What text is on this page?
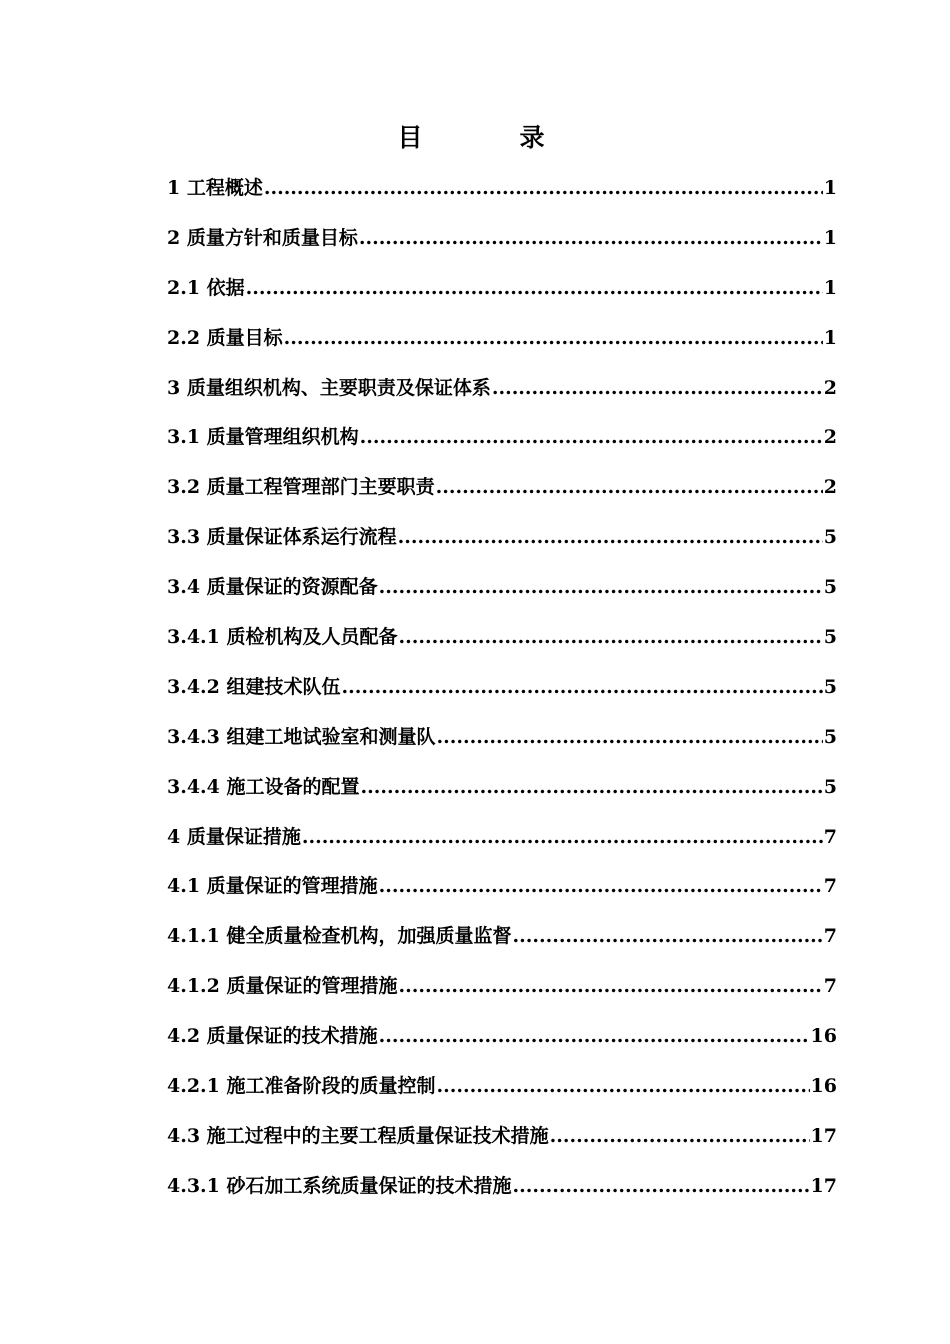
目　录
1 工程概述 .....	1
2 质量方针和质量目标 .....	1
2.1 依据 .....	1
2.2 质量目标 .....	1
3 质量组织机构、主要职责及保证体系 .....	2
3.1 质量管理组织机构 .....	2
3.2 质量工程管理部门主要职责 .....	2
3.3 质量保证体系运行流程 .....	5
3.4 质量保证的资源配备 .....	5
3.4.1 质检机构及人员配备 .....	5
3.4.2 组建技术队伍 .....	5
3.4.3 组建工地试验室和测量队 .....	5
3.4.4 施工设备的配置 .....	5
4 质量保证措施 .....	7
4.1 质量保证的管理措施 .....	7
4.1.1 健全质量检查机构，加强质量监督 .....	7
4.1.2 质量保证的管理措施 .....	7
4.2 质量保证的技术措施 .....	16
4.2.1 施工准备阶段的质量控制 .....	16
4.3 施工过程中的主要工程质量保证技术措施 .....	17
4.3.1 砂石加工系统质量保证的技术措施 .....	17
